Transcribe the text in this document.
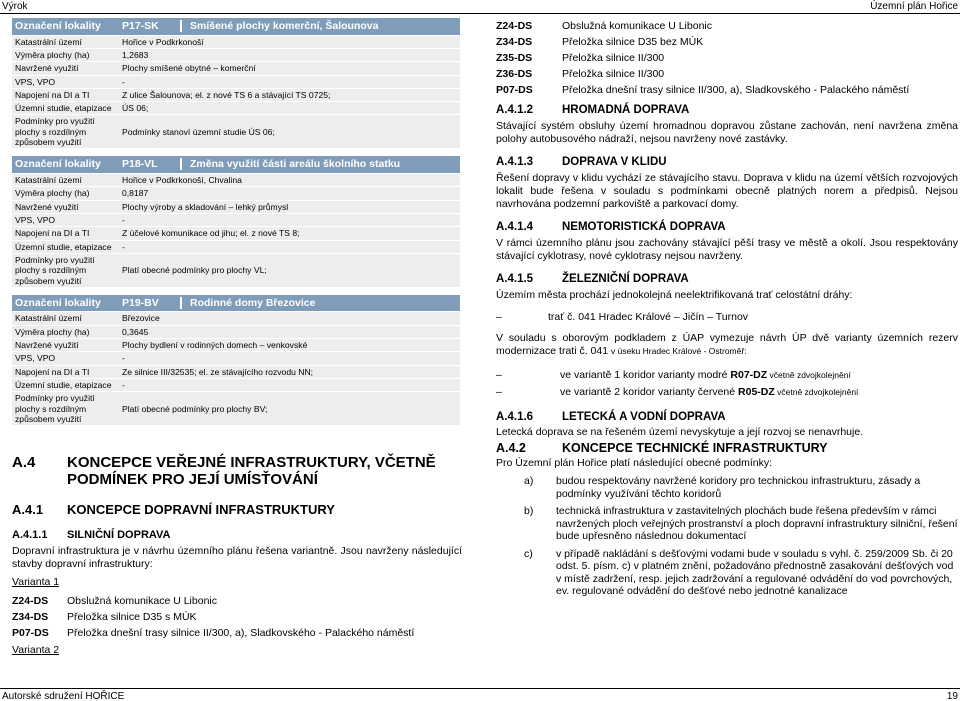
Výrok	Územní plán Hořice
Označení lokality	P17-SK Smíšené plochy komerční, Šalounova
Katastrální území	Hořice v Podkrkonoší
Výměra plochy (ha)	1,2683
Navržené využití	Plochy smíšené obytné – komerční
VPS, VPO	-
Napojení na DI a TI	Z ulice Šalounova; el. z nové TS 6 a stávající TS 0725;
Územní studie, etapizace	ÚS 06;
Podmínky pro využití plochy s rozdílným způsobem využití	Podmínky stanoví územní studie ÚS 06;
Označení lokality	P18-VL Změna využití části areálu školního statku
Katastrální území	Hořice v Podkrkonoší, Chvalina
Výměra plochy (ha)	0,8187
Navržené využití	Plochy výroby a skladování – lehký průmysl
VPS, VPO	-
Napojení na DI a TI	Z účelové komunikace od jihu; el. z nové TS 8;
Územní studie, etapizace	-
Podmínky pro využití plochy s rozdílným způsobem využití	Platí obecné podmínky pro plochy VL;
Označení lokality	P19-BV Rodinné domy Březovice
Katastrální území	Březovice
Výměra plochy (ha)	0,3645
Navržené využití	Plochy bydlení v rodinných domech – venkovské
VPS, VPO	-
Napojení na DI a TI	Ze silnice III/32535; el. ze stávajícího rozvodu NN;
Územní studie, etapizace	-
Podmínky pro využití plochy s rozdílným způsobem využití	Platí obecné podmínky pro plochy BV;
A.4	KONCEPCE VEŘEJNÉ INFRASTRUKTURY, VČETNĚ PODMÍNEK PRO JEJÍ UMÍSŤOVÁNÍ
A.4.1	KONCEPCE DOPRAVNÍ INFRASTRUKTURY
A.4.1.1	SILNIČNÍ DOPRAVA
Dopravní infrastruktura je v návrhu územního plánu řešena variantně. Jsou navrženy následující stavby dopravní infrastruktury:
Varianta 1
Z24-DS	Obslužná komunikace U Libonic
Z34-DS	Přeložka silnice D35 s MÚK
P07-DS	Přeložka dnešní trasy silnice II/300, a), Sladkovského - Palackého náměstí
Varianta 2
Z24-DS	Obslužná komunikace U Libonic
Z34-DS	Přeložka silnice D35 bez MÚK
Z35-DS	Přeložka silnice II/300
Z36-DS	Přeložka silnice II/300
P07-DS	Přeložka dnešní trasy silnice II/300, a), Sladkovského - Palackého náměstí
A.4.1.2	HROMADNÁ DOPRAVA
Stávající systém obsluhy území hromadnou dopravou zůstane zachován, není navržena změna polohy autobusového nádraží, nejsou navrženy nové zastávky.
A.4.1.3	DOPRAVA V KLIDU
Řešení dopravy v klidu vychází ze stávajícího stavu. Doprava v klidu na území větších rozvojových lokalit bude řešena v souladu s podmínkami obecně platných norem a předpisů. Nejsou navrhována podzemní parkoviště a parkovací domy.
A.4.1.4	NEMOTORISTICKÁ DOPRAVA
V rámci územního plánu jsou zachovány stávající pěší trasy ve městě a okolí. Jsou respektovány stávající cyklotrasy, nové cyklotrasy nejsou navrženy.
A.4.1.5	ŽELEZNIČNÍ DOPRAVA
Územím města prochází jednokolejná neelektrifikovaná trať celostátní dráhy:
–	trať č. 041 Hradec Králové – Jičín – Turnov
V souladu s oborovým podkladem z ÚAP vymezuje návrh ÚP dvě varianty územních rezerv modernizace trati č. 041 v úseku Hradec Králové - Ostroměř:
–	ve variantě 1 koridor varianty modré R07-DZ včetně zdvojkolejnění
–	ve variantě 2 koridor varianty červené R05-DZ včetně zdvojkolejnění
A.4.1.6	LETECKÁ A VODNÍ DOPRAVA
Letecká doprava se na řešeném území nevyskytuje a její rozvoj se nenavrhuje.
A.4.2	KONCEPCE TECHNICKÉ INFRASTRUKTURY
Pro Územní plán Hořice platí následující obecné podmínky:
a)	budou respektovány navržené koridory pro technickou infrastrukturu, zásady a podmínky využívání těchto koridorů
b)	technická infrastruktura v zastavitelných plochách bude řešena především v rámci navržených ploch veřejných prostranství a ploch dopravní infrastruktury silniční, řešení bude upřesněno následnou dokumentací
c)	v případě nakládání s dešťovými vodami bude v souladu s vyhl. č. 259/2009 Sb. či 20 odst. 5. písm. c) v platném znění, požadováno přednostně zasakování dešťových vod v místě zadržení, resp. jejich zadržování a regulované odvádění do vod povrchových, ev. regulované odvádění do dešťové nebo jednotné kanalizace
Autorské sdružení HOŘICE	19
